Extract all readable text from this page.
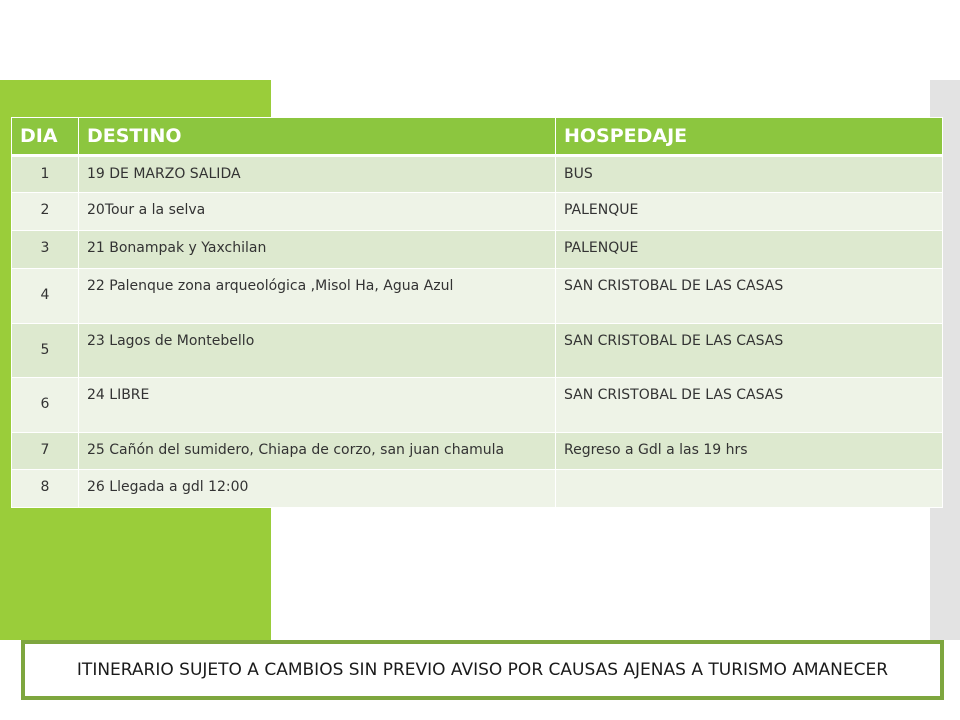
DIA	DESTINO	HOSPEDAJE
1	19 DE MARZO SALIDA	BUS
2	20Tour a la selva	PALENQUE
3	21 Bonampak y Yaxchilan	PALENQUE
4	22 Palenque zona arqueológica ,Misol Ha, Agua Azul	SAN CRISTOBAL DE LAS CASAS
5	23 Lagos de Montebello	SAN CRISTOBAL DE LAS CASAS
6	24 LIBRE	SAN CRISTOBAL DE LAS CASAS
7	25 Cañón del sumidero, Chiapa de corzo, san juan chamula	Regreso a Gdl a las 19 hrs
8	26 Llegada a gdl 12:00	
ITINERARIO SUJETO A CAMBIOS SIN PREVIO AVISO POR CAUSAS AJENAS A TURISMO AMANECER
